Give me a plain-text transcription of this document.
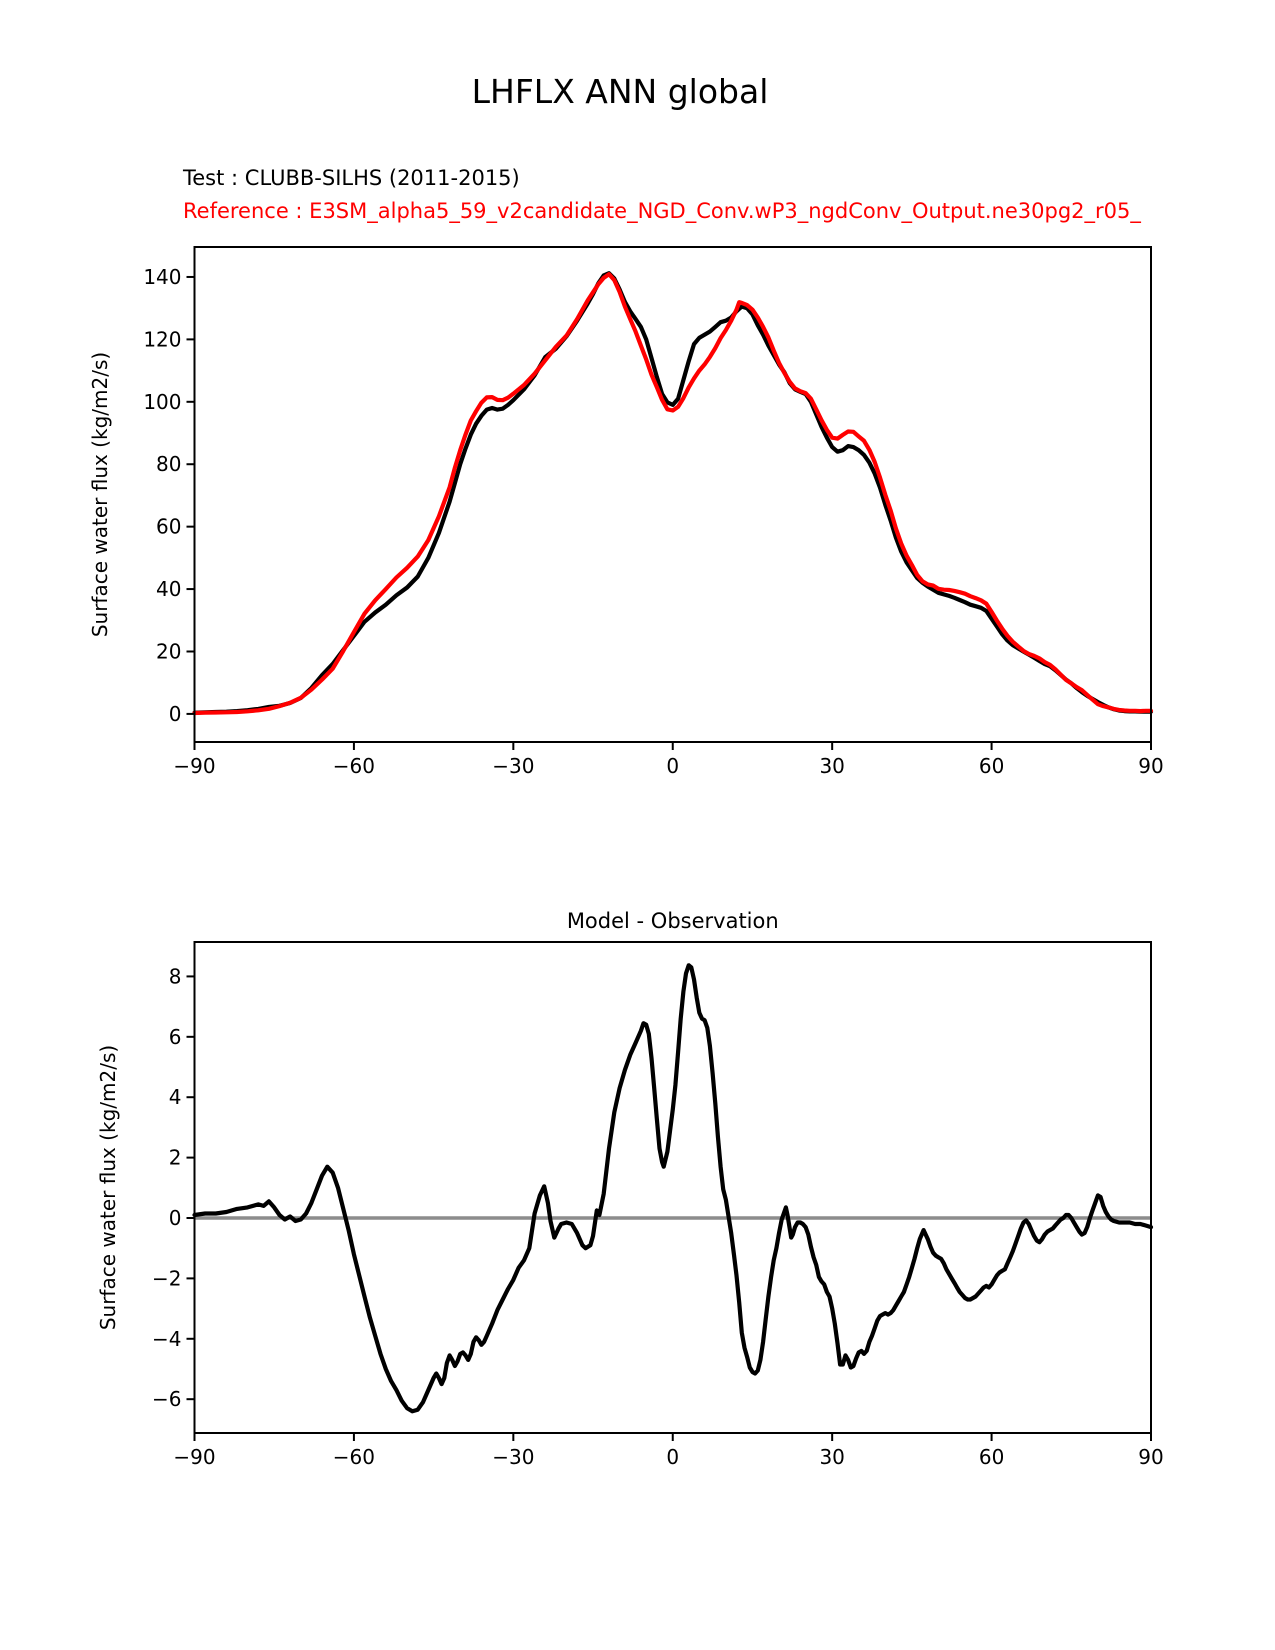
LHFLX ANN global
Test : CLUBB-SILHS (2011-2015)
Reference : E3SM_alpha5_59_v2candidate_NGD_Conv.wP3_ngdConv_Output.ne30pg2_r05_
−90	−60	−30	0	30	60	90
0
20
40
60
80
100
120
140
Surface water flux (kg/m2/s)
−90	−60	−30	0	30	60	90
8
6
4
2
0
−2
−4
−6
Surface water flux (kg/m2/s)
Model - Observation
